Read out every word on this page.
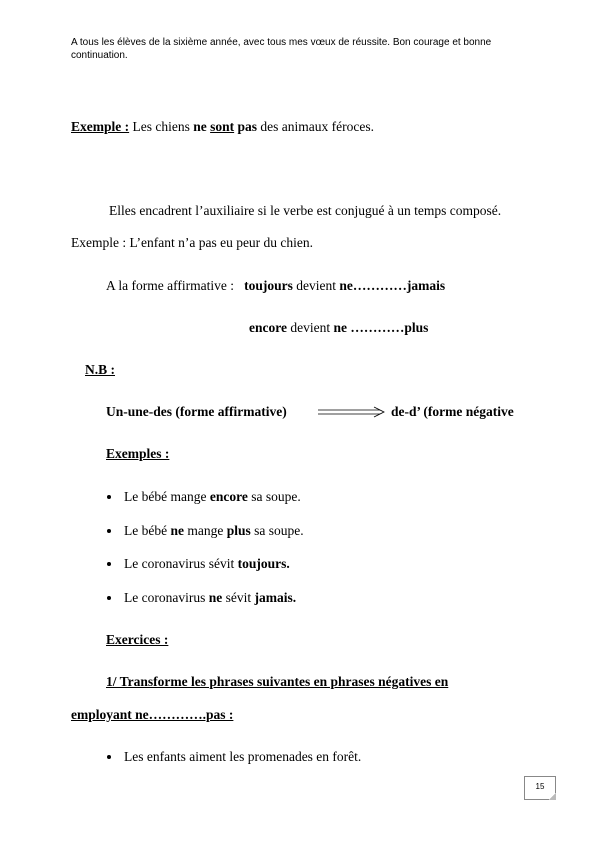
A tous les élèves de la sixième année, avec tous mes vœux de réussite. Bon courage et bonne continuation.
Exemple : Les chiens ne sont pas des animaux féroces.
Elles encadrent l’auxiliaire si le verbe est conjugué à un temps composé.
Exemple : L’enfant n’a pas eu peur du chien.
A la forme affirmative : toujours devient ne…………jamais
encore devient ne …………plus
N.B :
Un-une-des (forme affirmative)	de-d’ (forme négative
Exemples :
Le bébé mange encore sa soupe.
Le bébé ne mange plus sa soupe.
Le coronavirus sévit toujours.
Le coronavirus ne sévit jamais.
Exercices :
1/ Transforme les phrases suivantes en phrases négatives en
employant ne………….pas :
Les enfants aiment les promenades en forêt.
15
